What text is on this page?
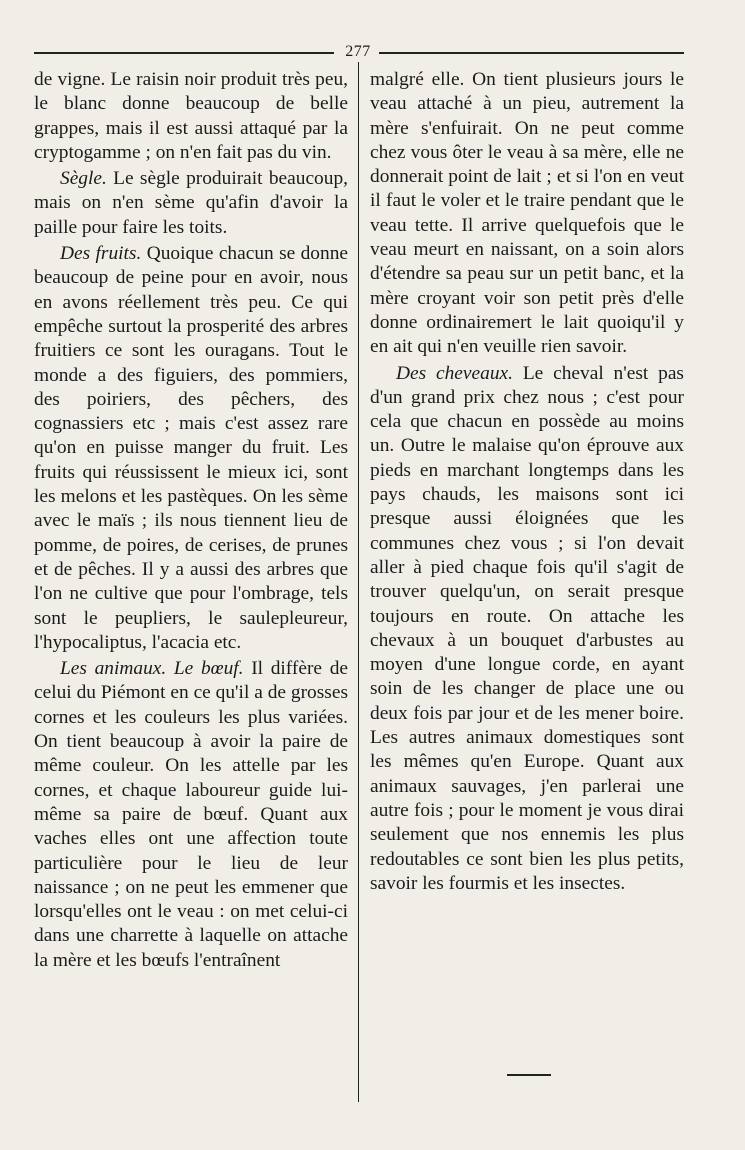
277

de vigne. Le raisin noir produit très peu, le blanc donne beaucoup de belle grappes, mais il est aussi attaqué par la cryptogamme ; on n'en fait pas du vin.

Sègle. Le sègle produirait beaucoup, mais on n'en sème qu'afin d'avoir la paille pour faire les toits.

Des fruits. Quoique chacun se donne beaucoup de peine pour en avoir, nous en avons réellement très peu. Ce qui empêche surtout la prosperité des arbres fruitiers ce sont les ouragans. Tout le monde a des figuiers, des pommiers, des poiriers, des pêchers, des cognassiers etc ; mais c'est assez rare qu'on en puisse manger du fruit. Les fruits qui réussissent le mieux ici, sont les melons et les pastèques. On les sème avec le maïs ; ils nous tiennent lieu de pomme, de poires, de cerises, de prunes et de pêches. Il y a aussi des arbres que l'on ne cultive que pour l'ombrage, tels sont le peupliers, le saulepleureur, l'hypocaliptus, l'acacia etc.

Les animaux. Le bœuf. Il diffère de celui du Piémont en ce qu'il a de grosses cornes et les couleurs les plus variées. On tient beaucoup à avoir la paire de même couleur. On les attelle par les cornes, et chaque laboureur guide lui-même sa paire de bœuf. Quant aux vaches elles ont une affection toute particulière pour le lieu de leur naissance ; on ne peut les emmener que lorsqu'elles ont le veau : on met celui-ci dans une charrette à laquelle on attache la mère et les bœufs l'entraînent

malgré elle. On tient plusieurs jours le veau attaché à un pieu, autrement la mère s'enfuirait. On ne peut comme chez vous ôter le veau à sa mère, elle ne donnerait point de lait ; et si l'on en veut il faut le voler et le traire pendant que le veau tette. Il arrive quelquefois que le veau meurt en naissant, on a soin alors d'étendre sa peau sur un petit banc, et la mère croyant voir son petit près d'elle donne ordinairemert le lait quoiqu'il y en ait qui n'en veuille rien savoir.

Des cheveaux. Le cheval n'est pas d'un grand prix chez nous ; c'est pour cela que chacun en possède au moins un. Outre le malaise qu'on éprouve aux pieds en marchant longtemps dans les pays chauds, les maisons sont ici presque aussi éloignées que les communes chez vous ; si l'on devait aller à pied chaque fois qu'il s'agit de trouver quelqu'un, on serait presque toujours en route. On attache les chevaux à un bouquet d'arbustes au moyen d'une longue corde, en ayant soin de les changer de place une ou deux fois par jour et de les mener boire. Les autres animaux domestiques sont les mêmes qu'en Europe. Quant aux animaux sauvages, j'en parlerai une autre fois ; pour le moment je vous dirai seulement que nos ennemis les plus redoutables ce sont bien les plus petits, savoir les fourmis et les insectes.
